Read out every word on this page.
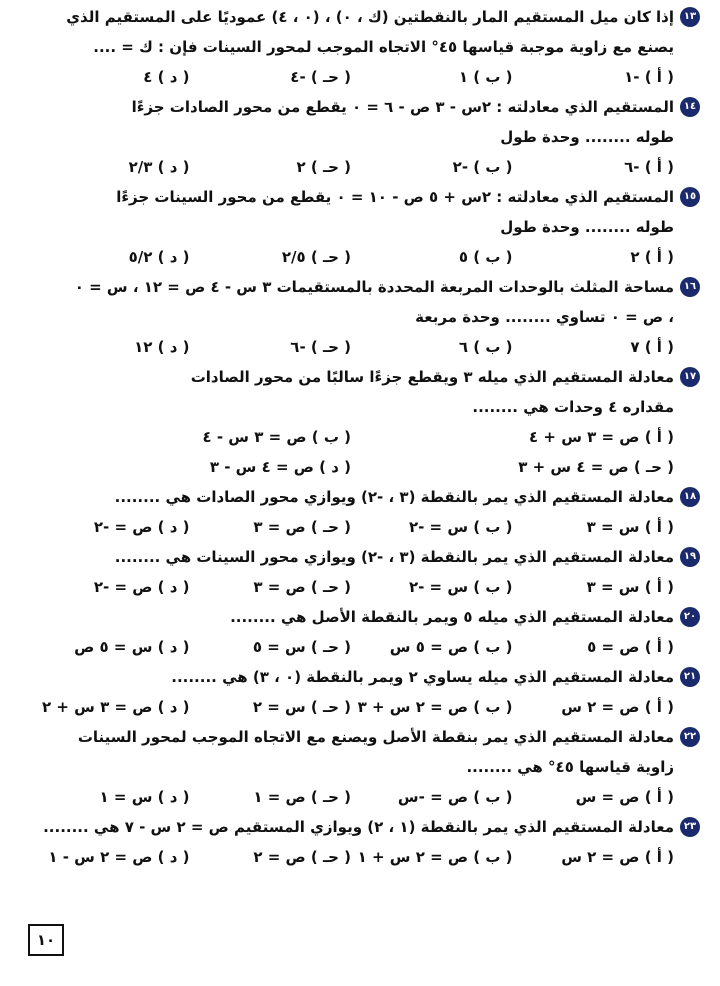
١٣
إذا كان ميل المستقيم المار بالنقطتين (ك ، ٠) ، (٠ ، ٤) عموديًا على المستقيم الذي
يصنع مع زاوية موجبة قياسها ٤٥° الاتجاه الموجب لمحور السينات فإن : ك = ....
( أ ) -١
( ب ) ١
( حـ ) -٤
( د ) ٤
١٤
المستقيم الذي معادلته : ٢س - ٣ ص - ٦ = ٠ يقطع من محور الصادات جزءًا
طوله ........ وحدة طول
( أ ) -٦
( ب ) -٢
( حـ ) ٢
( د ) ٢/٣
١٥
المستقيم الذي معادلته : ٢س + ٥ ص - ١٠ = ٠ يقطع من محور السينات جزءًا
طوله ........ وحدة طول
( أ ) ٢
( ب ) ٥
( حـ ) ٢/٥
( د ) ٥/٢
١٦
مساحة المثلث بالوحدات المربعة المحددة بالمستقيمات ٣ س - ٤ ص = ١٢ ، س = ٠
، ص = ٠ تساوي ........ وحدة مربعة
( أ ) ٧
( ب ) ٦
( حـ ) -٦
( د ) ١٢
١٧
معادلة المستقيم الذي ميله ٣ ويقطع جزءًا سالبًا من محور الصادات
مقداره ٤ وحدات هي ........
( أ ) ص = ٣ س + ٤
( ب ) ص = ٣ س - ٤
( حـ ) ص = ٤ س + ٣
( د ) ص = ٤ س - ٣
١٨
معادلة المستقيم الذي يمر بالنقطة (٣ ، -٢) ويوازي محور الصادات هي ........
( أ ) س = ٣
( ب ) س = -٢
( حـ ) ص = ٣
( د ) ص = -٢
١٩
معادلة المستقيم الذي يمر بالنقطة (٣ ، -٢) ويوازي محور السينات هي ........
( أ ) س = ٣
( ب ) س = -٢
( حـ ) ص = ٣
( د ) ص = -٢
٢٠
معادلة المستقيم الذي ميله ٥ ويمر بالنقطة الأصل هي ........
( أ ) ص = ٥
( ب ) ص = ٥ س
( حـ ) س = ٥
( د ) س = ٥ ص
٢١
معادلة المستقيم الذي ميله يساوي ٢ ويمر بالنقطة (٠ ، ٣) هي ........
( أ ) ص = ٢ س
( ب ) ص = ٢ س + ٣
( حـ ) س = ٢
( د ) ص = ٣ س + ٢
٢٢
معادلة المستقيم الذي يمر بنقطة الأصل ويصنع مع الاتجاه الموجب لمحور السينات
زاوية قياسها ٤٥° هي ........
( أ ) ص = س
( ب ) ص = -س
( حـ ) ص = ١
( د ) س = ١
٢٣
معادلة المستقيم الذي يمر بالنقطة (١ ، ٢) ويوازي المستقيم ص = ٢ س - ٧ هي ........
( أ ) ص = ٢ س
( ب ) ص = ٢ س + ١
( حـ ) ص = ٢
( د ) ص = ٢ س - ١
١٠
